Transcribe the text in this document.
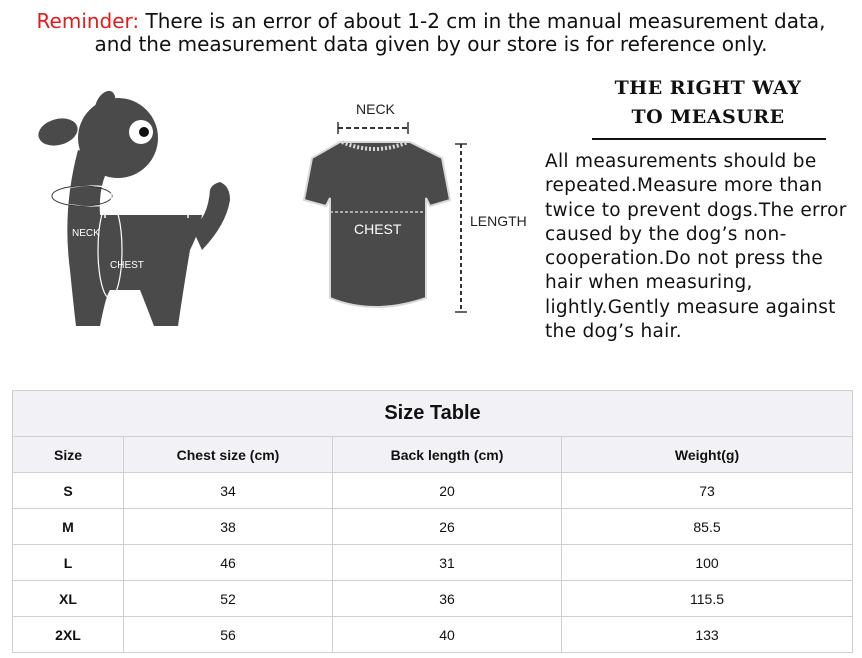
Reminder: There is an error of about 1-2 cm in the manual measurement data,
and the measurement data given by our store is for reference only.
LENGTH
NECK
CHEST
NECK
CHEST	LENGTH
THE RIGHT WAY
TO MEASURE

All measurements should be repeated.Measure more than twice to prevent dogs.The error caused by the dog’s non-cooperation.Do not press the hair when measuring, lightly.Gently measure against the dog’s hair.

Size Table
Size	Chest size (cm)	Back length (cm)	Weight(g)
S	34	20	73
M	38	26	85.5
L	46	31	100
XL	52	36	115.5
2XL	56	40	133
